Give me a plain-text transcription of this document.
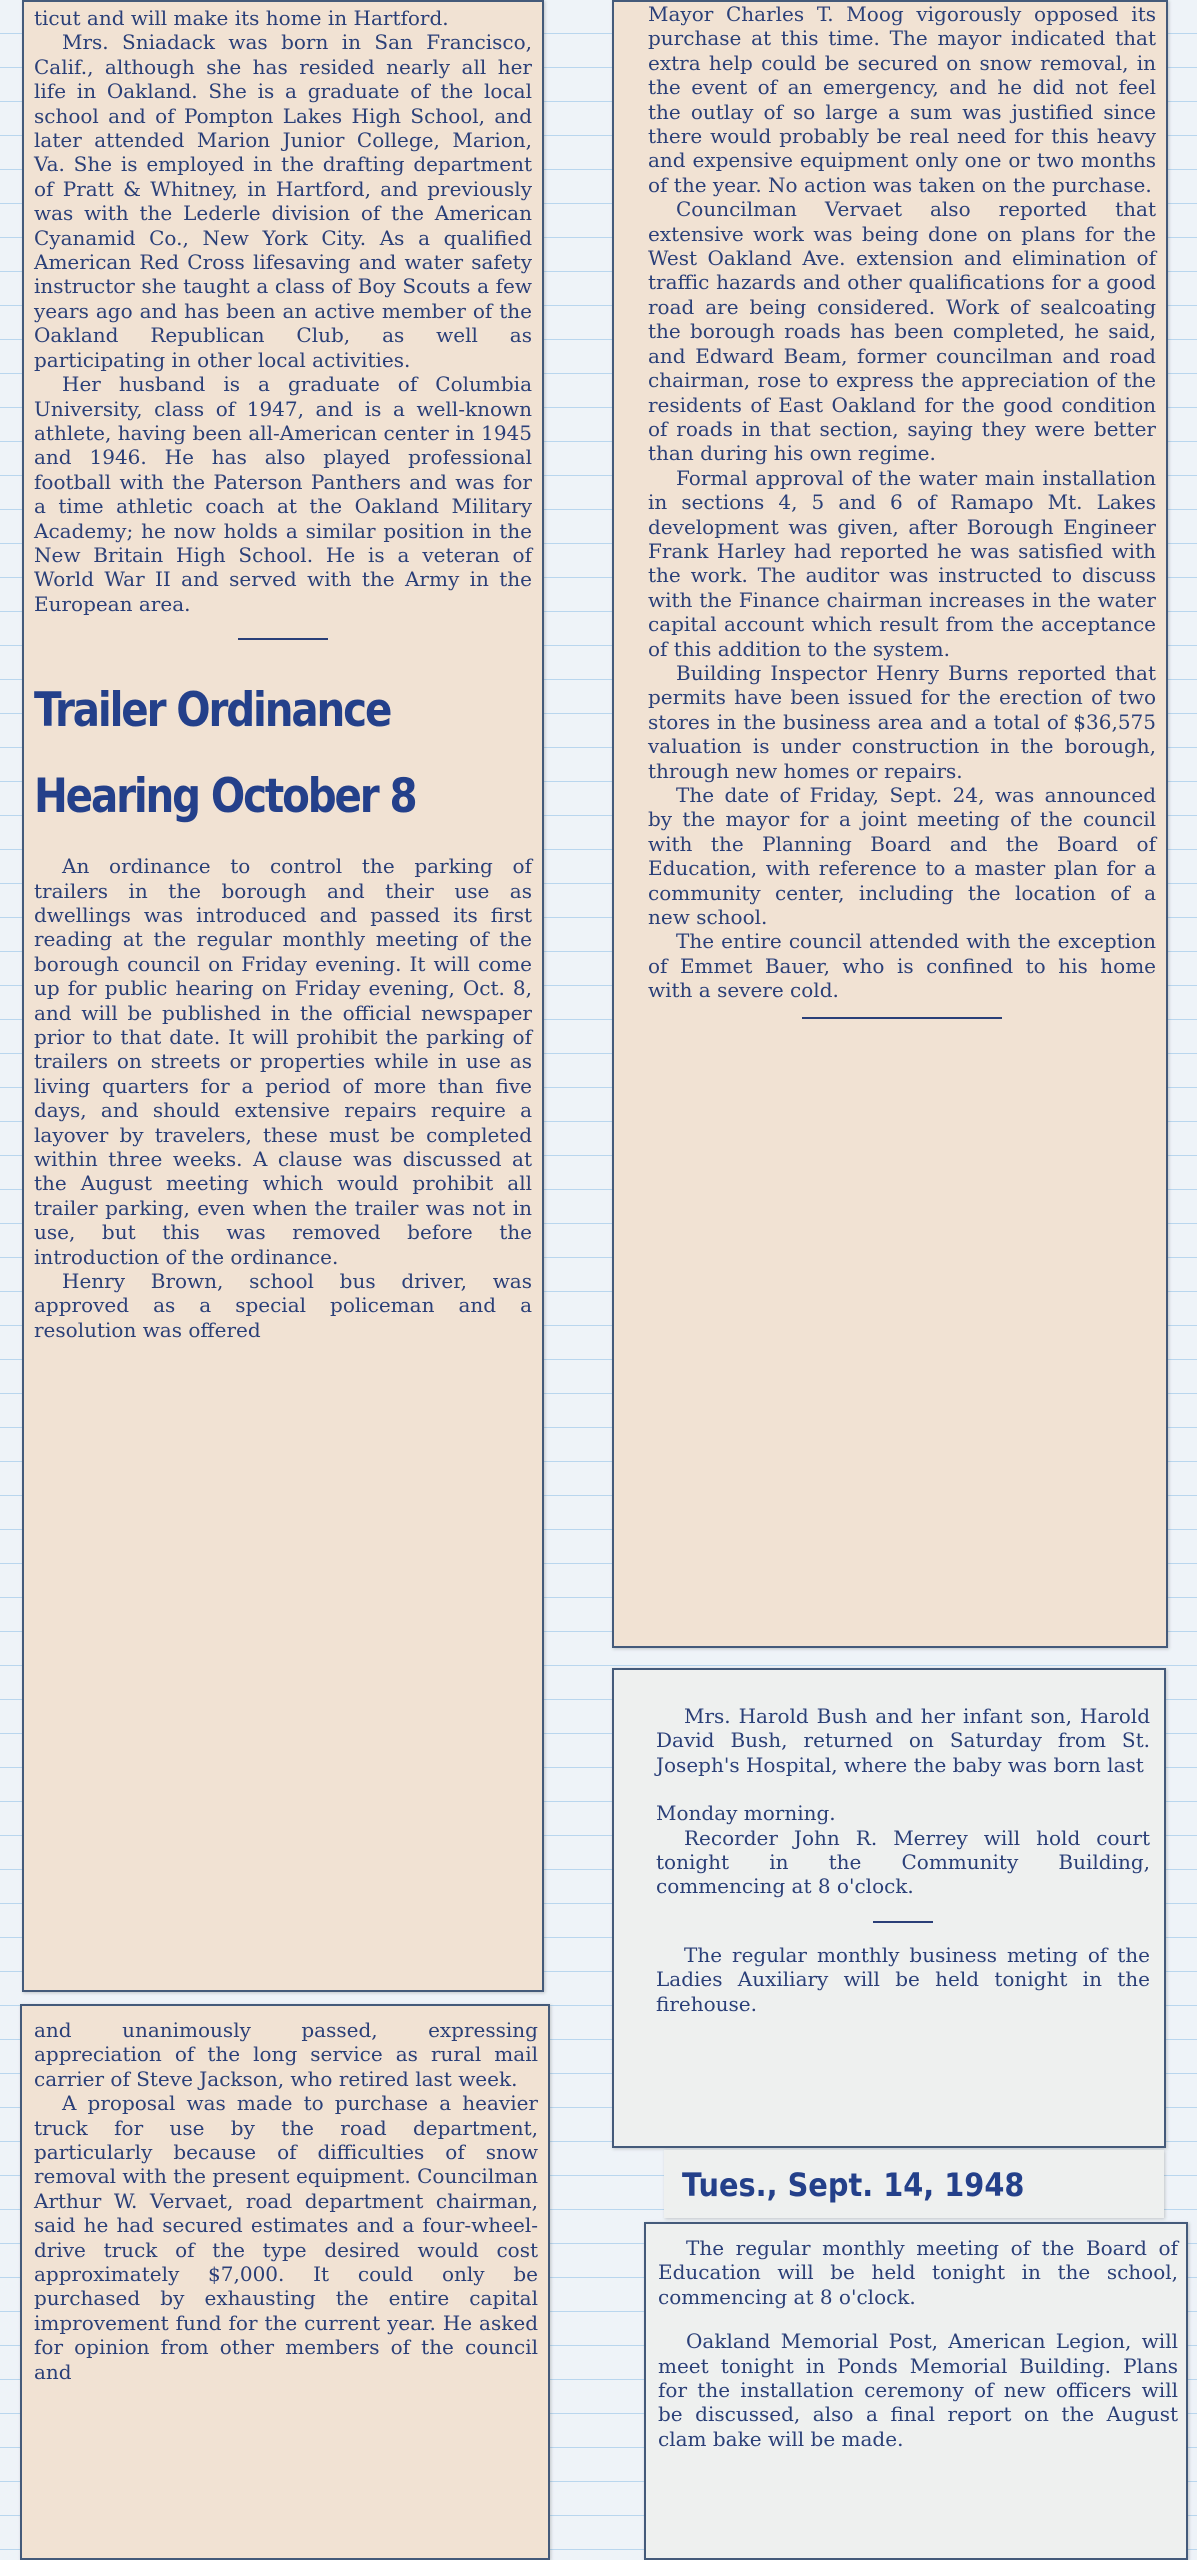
ticut and will make its home in Hartford.

Mrs. Sniadack was born in San Francisco, Calif., although she has resided nearly all her life in Oakland. She is a graduate of the local school and of Pompton Lakes High School, and later attended Marion Junior College, Marion, Va. She is employed in the drafting department of Pratt & Whitney, in Hartford, and previously was with the Lederle division of the American Cyanamid Co., New York City. As a qualified American Red Cross lifesaving and water safety instructor she taught a class of Boy Scouts a few years ago and has been an active member of the Oakland Republican Club, as well as participating in other local activities.

Her husband is a graduate of Columbia University, class of 1947, and is a well-known athlete, having been all-American center in 1945 and 1946. He has also played professional football with the Paterson Panthers and was for a time athletic coach at the Oakland Military Academy; he now holds a similar position in the New Britain High School. He is a veteran of World War II and served with the Army in the European area.

Trailer Ordinance
Hearing October 8

An ordinance to control the parking of trailers in the borough and their use as dwellings was introduced and passed its first reading at the regular monthly meeting of the borough council on Friday evening. It will come up for public hearing on Friday evening, Oct. 8, and will be published in the official newspaper prior to that date. It will prohibit the parking of trailers on streets or properties while in use as living quarters for a period of more than five days, and should extensive repairs require a layover by travelers, these must be completed within three weeks. A clause was discussed at the August meeting which would prohibit all trailer parking, even when the trailer was not in use, but this was removed before the introduction of the ordinance.

Henry Brown, school bus driver, was approved as a special policeman and a resolution was offered

and unanimously passed, expressing appreciation of the long service as rural mail carrier of Steve Jackson, who retired last week.

A proposal was made to purchase a heavier truck for use by the road department, particularly because of difficulties of snow removal with the present equipment. Councilman Arthur W. Vervaet, road department chairman, said he had secured estimates and a four-wheel-drive truck of the type desired would cost approximately $7,000. It could only be purchased by exhausting the entire capital improvement fund for the current year. He asked for opinion from other members of the council and

Mayor Charles T. Moog vigorously opposed its purchase at this time. The mayor indicated that extra help could be secured on snow removal, in the event of an emergency, and he did not feel the outlay of so large a sum was justified since there would probably be real need for this heavy and expensive equipment only one or two months of the year. No action was taken on the purchase.

Councilman Vervaet also reported that extensive work was being done on plans for the West Oakland Ave. extension and elimination of traffic hazards and other qualifications for a good road are being considered. Work of sealcoating the borough roads has been completed, he said, and Edward Beam, former councilman and road chairman, rose to express the appreciation of the residents of East Oakland for the good condition of roads in that section, saying they were better than during his own regime.

Formal approval of the water main installation in sections 4, 5 and 6 of Ramapo Mt. Lakes development was given, after Borough Engineer Frank Harley had reported he was satisfied with the work. The auditor was instructed to discuss with the Finance chairman increases in the water capital account which result from the acceptance of this addition to the system.

Building Inspector Henry Burns reported that permits have been issued for the erection of two stores in the business area and a total of $36,575 valuation is under construction in the borough, through new homes or repairs.

The date of Friday, Sept. 24, was announced by the mayor for a joint meeting of the council with the Planning Board and the Board of Education, with reference to a master plan for a community center, including the location of a new school.

The entire council attended with the exception of Emmet Bauer, who is confined to his home with a severe cold.

Mrs. Harold Bush and her infant son, Harold David Bush, returned on Saturday from St. Joseph's Hospital, where the baby was born last

Monday morning.

Recorder John R. Merrey will hold court tonight in the Community Building, commencing at 8 o'clock.

The regular monthly business meting of the Ladies Auxiliary will be held tonight in the firehouse.

Tues., Sept. 14, 1948

The regular monthly meeting of the Board of Education will be held tonight in the school, commencing at 8 o'clock.

Oakland Memorial Post, American Legion, will meet tonight in Ponds Memorial Building. Plans for the installation ceremony of new officers will be discussed, also a final report on the August clam bake will be made.
